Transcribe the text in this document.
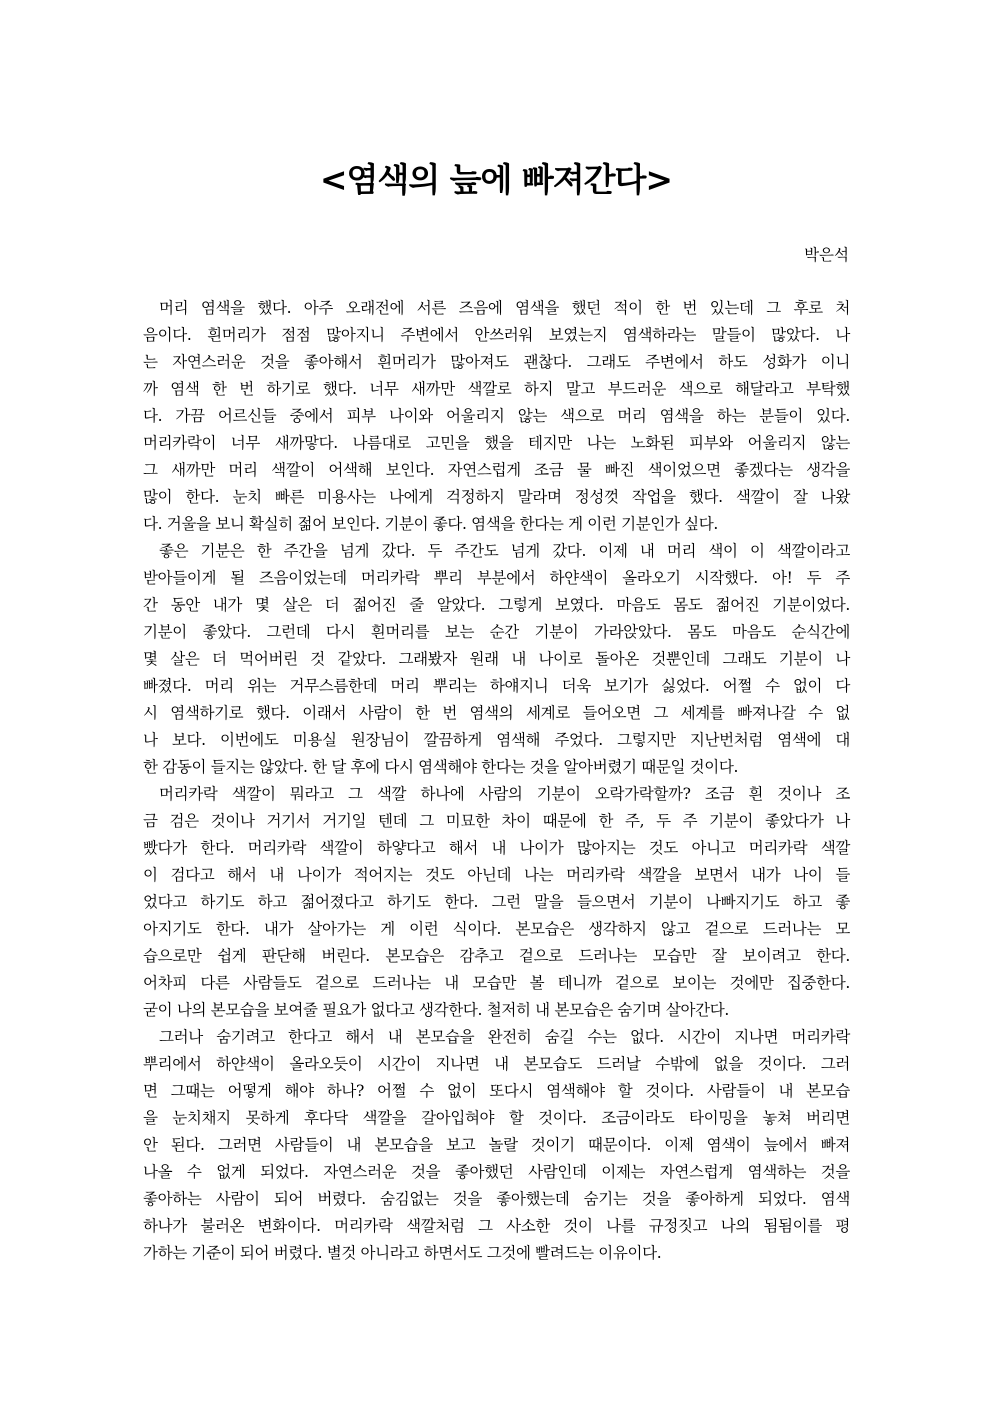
<염색의 늪에 빠져간다>
박은석
머리 염색을 했다. 아주 오래전에 서른 즈음에 염색을 했던 적이 한 번 있는데 그 후로 처
음이다. 흰머리가 점점 많아지니 주변에서 안쓰러워 보였는지 염색하라는 말들이 많았다. 나
는 자연스러운 것을 좋아해서 흰머리가 많아져도 괜찮다. 그래도 주변에서 하도 성화가 이니
까 염색 한 번 하기로 했다. 너무 새까만 색깔로 하지 말고 부드러운 색으로 해달라고 부탁했
다. 가끔 어르신들 중에서 피부 나이와 어울리지 않는 색으로 머리 염색을 하는 분들이 있다.
머리카락이 너무 새까맣다. 나름대로 고민을 했을 테지만 나는 노화된 피부와 어울리지 않는
그 새까만 머리 색깔이 어색해 보인다. 자연스럽게 조금 물 빠진 색이었으면 좋겠다는 생각을
많이 한다. 눈치 빠른 미용사는 나에게 걱정하지 말라며 정성껏 작업을 했다. 색깔이 잘 나왔
다. 거울을 보니 확실히 젊어 보인다. 기분이 좋다. 염색을 한다는 게 이런 기분인가 싶다.
좋은 기분은 한 주간을 넘게 갔다. 두 주간도 넘게 갔다. 이제 내 머리 색이 이 색깔이라고
받아들이게 될 즈음이었는데 머리카락 뿌리 부분에서 하얀색이 올라오기 시작했다. 아! 두 주
간 동안 내가 몇 살은 더 젊어진 줄 알았다. 그렇게 보였다. 마음도 몸도 젊어진 기분이었다.
기분이 좋았다. 그런데 다시 흰머리를 보는 순간 기분이 가라앉았다. 몸도 마음도 순식간에
몇 살은 더 먹어버린 것 같았다. 그래봤자 원래 내 나이로 돌아온 것뿐인데 그래도 기분이 나
빠졌다. 머리 위는 거무스름한데 머리 뿌리는 하얘지니 더욱 보기가 싫었다. 어쩔 수 없이 다
시 염색하기로 했다. 이래서 사람이 한 번 염색의 세계로 들어오면 그 세계를 빠져나갈 수 없
나 보다. 이번에도 미용실 원장님이 깔끔하게 염색해 주었다. 그렇지만 지난번처럼 염색에 대
한 감동이 들지는 않았다. 한 달 후에 다시 염색해야 한다는 것을 알아버렸기 때문일 것이다.
머리카락 색깔이 뭐라고 그 색깔 하나에 사람의 기분이 오락가락할까? 조금 흰 것이나 조
금 검은 것이나 거기서 거기일 텐데 그 미묘한 차이 때문에 한 주, 두 주 기분이 좋았다가 나
빴다가 한다. 머리카락 색깔이 하얗다고 해서 내 나이가 많아지는 것도 아니고 머리카락 색깔
이 검다고 해서 내 나이가 적어지는 것도 아닌데 나는 머리카락 색깔을 보면서 내가 나이 들
었다고 하기도 하고 젊어졌다고 하기도 한다. 그런 말을 들으면서 기분이 나빠지기도 하고 좋
아지기도 한다. 내가 살아가는 게 이런 식이다. 본모습은 생각하지 않고 겉으로 드러나는 모
습으로만 쉽게 판단해 버린다. 본모습은 감추고 겉으로 드러나는 모습만 잘 보이려고 한다.
어차피 다른 사람들도 겉으로 드러나는 내 모습만 볼 테니까 겉으로 보이는 것에만 집중한다.
굳이 나의 본모습을 보여줄 필요가 없다고 생각한다. 철저히 내 본모습은 숨기며 살아간다.
그러나 숨기려고 한다고 해서 내 본모습을 완전히 숨길 수는 없다. 시간이 지나면 머리카락
뿌리에서 하얀색이 올라오듯이 시간이 지나면 내 본모습도 드러날 수밖에 없을 것이다. 그러
면 그때는 어떻게 해야 하나? 어쩔 수 없이 또다시 염색해야 할 것이다. 사람들이 내 본모습
을 눈치채지 못하게 후다닥 색깔을 갈아입혀야 할 것이다. 조금이라도 타이밍을 놓쳐 버리면
안 된다. 그러면 사람들이 내 본모습을 보고 놀랄 것이기 때문이다. 이제 염색이 늪에서 빠져
나올 수 없게 되었다. 자연스러운 것을 좋아했던 사람인데 이제는 자연스럽게 염색하는 것을
좋아하는 사람이 되어 버렸다. 숨김없는 것을 좋아했는데 숨기는 것을 좋아하게 되었다. 염색
하나가 불러온 변화이다. 머리카락 색깔처럼 그 사소한 것이 나를 규정짓고 나의 됨됨이를 평
가하는 기준이 되어 버렸다. 별것 아니라고 하면서도 그것에 빨려드는 이유이다.
